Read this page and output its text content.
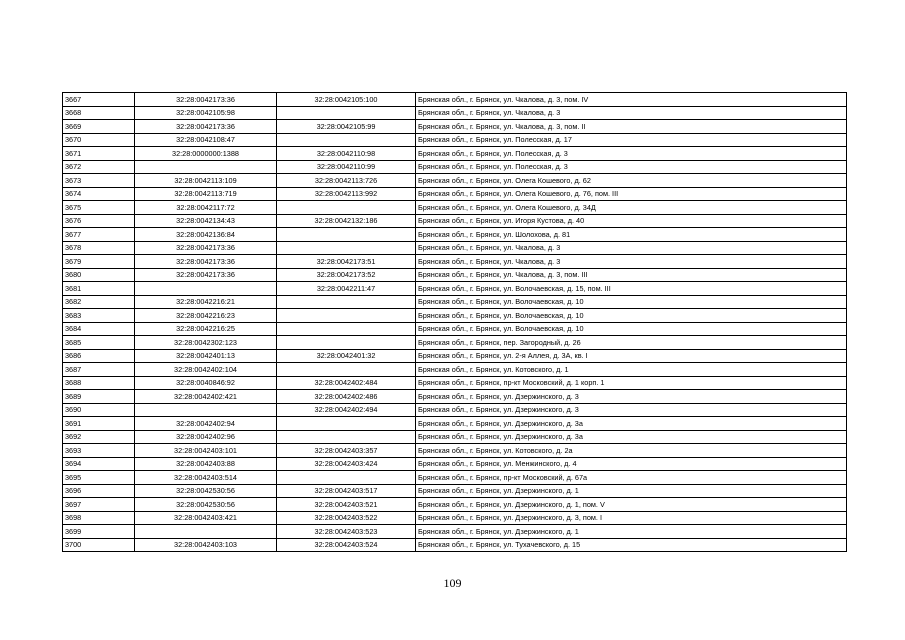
3667	32:28:0042173:36	32:28:0042105:100	Брянская обл., г. Брянск, ул. Чкалова, д. 3, пом. IV
3668	32:28:0042105:98		Брянская обл., г. Брянск, ул. Чкалова, д. 3
3669	32:28:0042173:36	32:28:0042105:99	Брянская обл., г. Брянск, ул. Чкалова, д. 3, пом. II
3670	32:28:0042108:47		Брянская обл., г. Брянск, ул. Полесская, д. 17
3671	32:28:0000000:1388	32:28:0042110:98	Брянская обл., г. Брянск, ул. Полесская, д. 3
3672		32:28:0042110:99	Брянская обл., г. Брянск, ул. Полесская, д. 3
3673	32:28:0042113:109	32:28:0042113:726	Брянская обл., г. Брянск, ул. Олега Кошевого, д. 62
3674	32:28:0042113:719	32:28:0042113:992	Брянская обл., г. Брянск, ул. Олега Кошевого, д. 76, пом. III
3675	32:28:0042117:72		Брянская обл., г. Брянск, ул. Олега Кошевого, д. 34Д
3676	32:28:0042134:43	32:28:0042132:186	Брянская обл., г. Брянск, ул. Игоря Кустова, д. 40
3677	32:28:0042136:84		Брянская обл., г. Брянск, ул. Шолохова, д. 81
3678	32:28:0042173:36		Брянская обл., г. Брянск, ул. Чкалова, д. 3
3679	32:28:0042173:36	32:28:0042173:51	Брянская обл., г. Брянск, ул. Чкалова, д. 3
3680	32:28:0042173:36	32:28:0042173:52	Брянская обл., г. Брянск, ул. Чкалова, д. 3, пом. III
3681		32:28:0042211:47	Брянская обл., г. Брянск, ул. Волочаевская, д. 15, пом. III
3682	32:28:0042216:21		Брянская обл., г. Брянск, ул. Волочаевская, д. 10
3683	32:28:0042216:23		Брянская обл., г. Брянск, ул. Волочаевская, д. 10
3684	32:28:0042216:25		Брянская обл., г. Брянск, ул. Волочаевская, д. 10
3685	32:28:0042302:123		Брянская обл., г. Брянск, пер. Загородный, д. 26
3686	32:28:0042401:13	32:28:0042401:32	Брянская обл., г. Брянск, ул. 2-я Аллея, д. 3А, кв. I
3687	32:28:0042402:104		Брянская обл., г. Брянск, ул. Котовского, д. 1
3688	32:28:0040846:92	32:28:0042402:484	Брянская обл., г. Брянск, пр-кт Московский, д. 1 корп. 1
3689	32:28:0042402:421	32:28:0042402:486	Брянская обл., г. Брянск, ул. Дзержинского, д. 3
3690		32:28:0042402:494	Брянская обл., г. Брянск, ул. Дзержинского, д. 3
3691	32:28:0042402:94		Брянская обл., г. Брянск, ул. Дзержинского, д. 3а
3692	32:28:0042402:96		Брянская обл., г. Брянск, ул. Дзержинского, д. 3а
3693	32:28:0042403:101	32:28:0042403:357	Брянская обл., г. Брянск, ул. Котовского, д. 2а
3694	32:28:0042403:88	32:28:0042403:424	Брянская обл., г. Брянск, ул. Менжинского, д. 4
3695	32:28:0042403:514		Брянская обл., г. Брянск, пр-кт Московский, д. 67а
3696	32:28:0042530:56	32:28:0042403:517	Брянская обл., г. Брянск, ул. Дзержинского, д. 1
3697	32:28:0042530:56	32:28:0042403:521	Брянская обл., г. Брянск, ул. Дзержинского, д. 1, пом. V
3698	32:28:0042403:421	32:28:0042403:522	Брянская обл., г. Брянск, ул. Дзержинского, д. 3, пом. I
3699		32:28:0042403:523	Брянская обл., г. Брянск, ул. Дзержинского, д. 1
3700	32:28:0042403:103	32:28:0042403:524	Брянская обл., г. Брянск, ул. Тухачевского, д. 15
109
